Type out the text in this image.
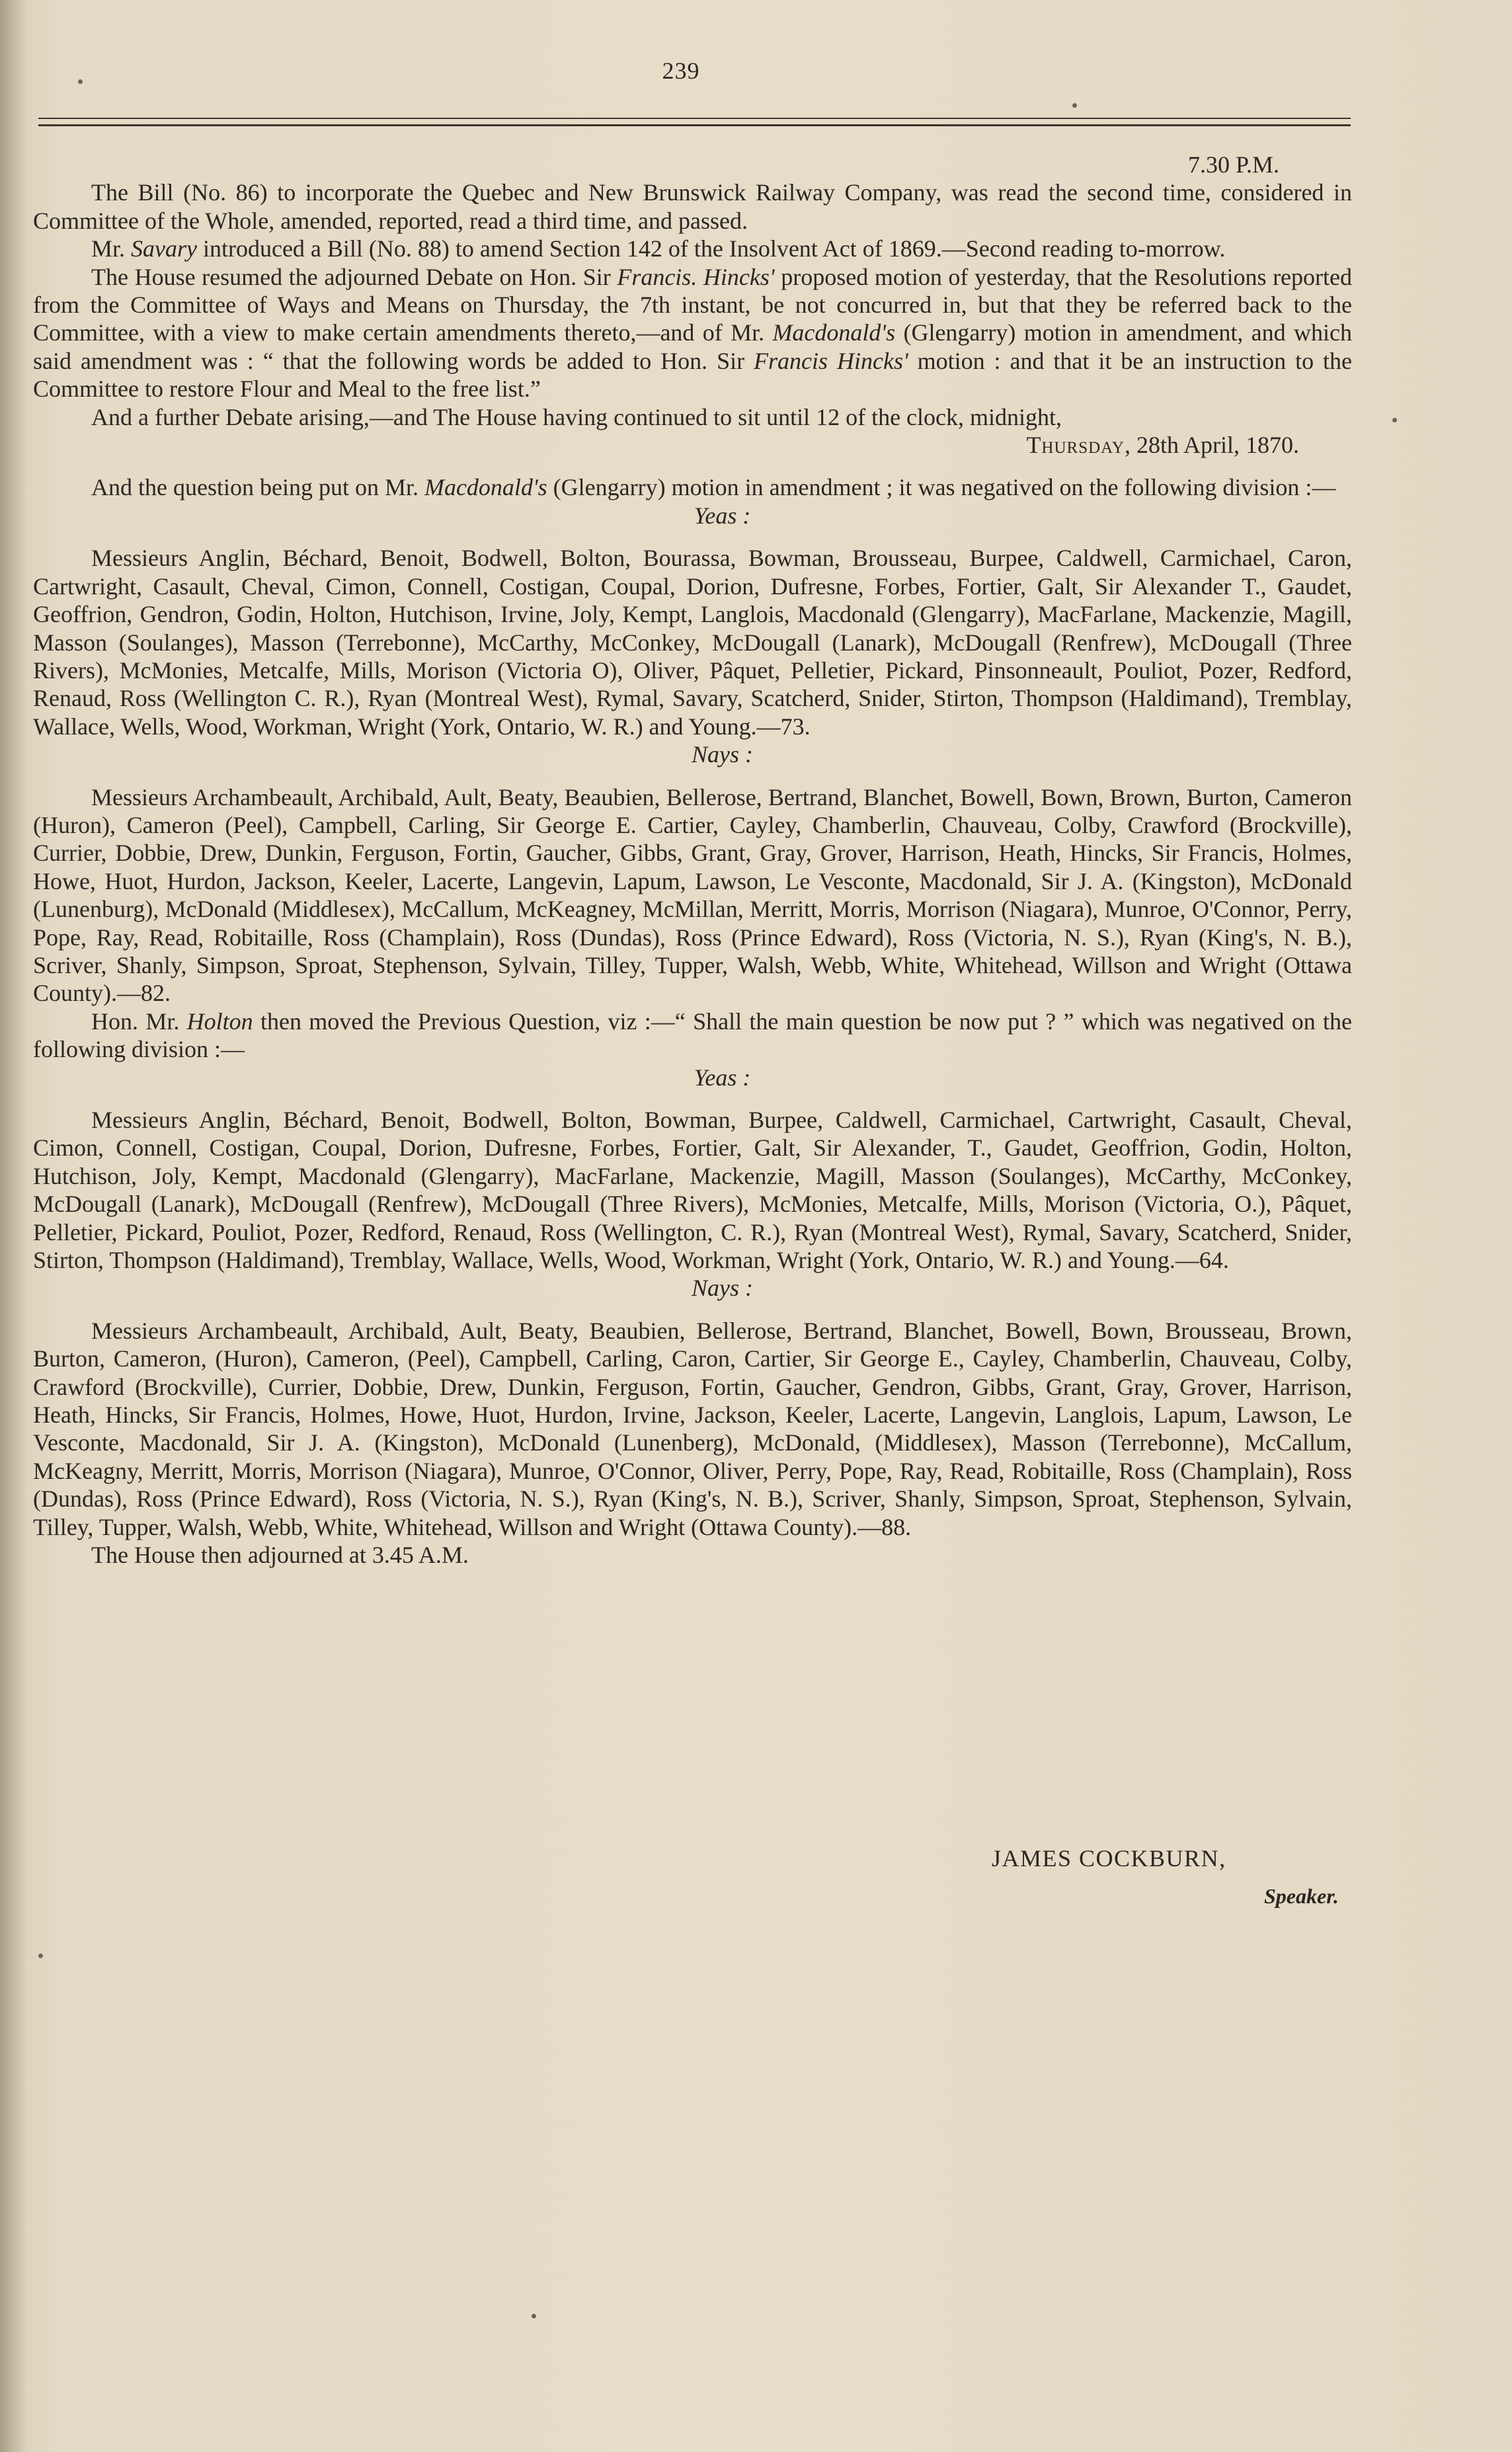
239
7.30 P.M.

The Bill (No. 86) to incorporate the Quebec and New Brunswick Railway Company, was read the second time, considered in Committee of the Whole, amended, reported, read a third time, and passed.

Mr. Savary introduced a Bill (No. 88) to amend Section 142 of the Insolvent Act of 1869.—Second reading to-morrow.

The House resumed the adjourned Debate on Hon. Sir Francis. Hincks' proposed motion of yesterday, that the Resolutions reported from the Committee of Ways and Means on Thursday, the 7th instant, be not concurred in, but that they be referred back to the Committee, with a view to make certain amendments thereto,—and of Mr. Macdonald's (Glengarry) motion in amendment, and which said amendment was : “ that the following words be added to Hon. Sir Francis Hincks' motion : and that it be an instruction to the Committee to restore Flour and Meal to the free list.”

And a further Debate arising,—and The House having continued to sit until 12 of the clock, midnight,

Thursday, 28th April, 1870.

And the question being put on Mr. Macdonald's (Glengarry) motion in amendment ; it was negatived on the following division :—

Yeas :

Messieurs Anglin, Béchard, Benoit, Bodwell, Bolton, Bourassa, Bowman, Brousseau, Burpee, Caldwell, Carmichael, Caron, Cartwright, Casault, Cheval, Cimon, Connell, Costigan, Coupal, Dorion, Dufresne, Forbes, Fortier, Galt, Sir Alexander T., Gaudet, Geoffrion, Gendron, Godin, Holton, Hutchison, Irvine, Joly, Kempt, Langlois, Macdonald (Glengarry), MacFarlane, Mackenzie, Magill, Masson (Soulanges), Masson (Terrebonne), McCarthy, McConkey, McDougall (Lanark), McDougall (Renfrew), McDougall (Three Rivers), McMonies, Metcalfe, Mills, Morison (Victoria O), Oliver, Pâquet, Pelletier, Pickard, Pinsonneault, Pouliot, Pozer, Redford, Renaud, Ross (Wellington C. R.), Ryan (Montreal West), Rymal, Savary, Scatcherd, Snider, Stirton, Thompson (Haldimand), Tremblay, Wallace, Wells, Wood, Workman, Wright (York, Ontario, W. R.) and Young.—73.

Nays :

Messieurs Archambeault, Archibald, Ault, Beaty, Beaubien, Bellerose, Bertrand, Blanchet, Bowell, Bown, Brown, Burton, Cameron (Huron), Cameron (Peel), Campbell, Carling, Sir George E. Cartier, Cayley, Chamberlin, Chauveau, Colby, Crawford (Brockville), Currier, Dobbie, Drew, Dunkin, Ferguson, Fortin, Gaucher, Gibbs, Grant, Gray, Grover, Harrison, Heath, Hincks, Sir Francis, Holmes, Howe, Huot, Hurdon, Jackson, Keeler, Lacerte, Langevin, Lapum, Lawson, Le Vesconte, Macdonald, Sir J. A. (Kingston), McDonald (Lunenburg), McDonald (Middlesex), McCallum, McKeagney, McMillan, Merritt, Morris, Morrison (Niagara), Munroe, O'Connor, Perry, Pope, Ray, Read, Robitaille, Ross (Champlain), Ross (Dundas), Ross (Prince Edward), Ross (Victoria, N. S.), Ryan (King's, N. B.), Scriver, Shanly, Simpson, Sproat, Stephenson, Sylvain, Tilley, Tupper, Walsh, Webb, White, Whitehead, Willson and Wright (Ottawa County).—82.

Hon. Mr. Holton then moved the Previous Question, viz :—“ Shall the main question be now put ? ” which was negatived on the following division :—

Yeas :

Messieurs Anglin, Béchard, Benoit, Bodwell, Bolton, Bowman, Burpee, Caldwell, Carmichael, Cartwright, Casault, Cheval, Cimon, Connell, Costigan, Coupal, Dorion, Dufresne, Forbes, Fortier, Galt, Sir Alexander, T., Gaudet, Geoffrion, Godin, Holton, Hutchison, Joly, Kempt, Macdonald (Glengarry), MacFarlane, Mackenzie, Magill, Masson (Soulanges), McCarthy, McConkey, McDougall (Lanark), McDougall (Renfrew), McDougall (Three Rivers), McMonies, Metcalfe, Mills, Morison (Victoria, O.), Pâquet, Pelletier, Pickard, Pouliot, Pozer, Redford, Renaud, Ross (Wellington, C. R.), Ryan (Montreal West), Rymal, Savary, Scatcherd, Snider, Stirton, Thompson (Haldimand), Tremblay, Wallace, Wells, Wood, Workman, Wright (York, Ontario, W. R.) and Young.—64.

Nays :

Messieurs Archambeault, Archibald, Ault, Beaty, Beaubien, Bellerose, Bertrand, Blanchet, Bowell, Bown, Brousseau, Brown, Burton, Cameron, (Huron), Cameron, (Peel), Campbell, Carling, Caron, Cartier, Sir George E., Cayley, Chamberlin, Chauveau, Colby, Crawford (Brockville), Currier, Dobbie, Drew, Dunkin, Ferguson, Fortin, Gaucher, Gendron, Gibbs, Grant, Gray, Grover, Harrison, Heath, Hincks, Sir Francis, Holmes, Howe, Huot, Hurdon, Irvine, Jackson, Keeler, Lacerte, Langevin, Langlois, Lapum, Lawson, Le Vesconte, Macdonald, Sir J. A. (Kingston), McDonald (Lunenberg), McDonald, (Middlesex), Masson (Terrebonne), McCallum, McKeagny, Merritt, Morris, Morrison (Niagara), Munroe, O'Connor, Oliver, Perry, Pope, Ray, Read, Robitaille, Ross (Champlain), Ross (Dundas), Ross (Prince Edward), Ross (Victoria, N. S.), Ryan (King's, N. B.), Scriver, Shanly, Simpson, Sproat, Stephenson, Sylvain, Tilley, Tupper, Walsh, Webb, White, Whitehead, Willson and Wright (Ottawa County).—88.

The House then adjourned at 3.45 A.M.

JAMES COCKBURN,
Speaker.
